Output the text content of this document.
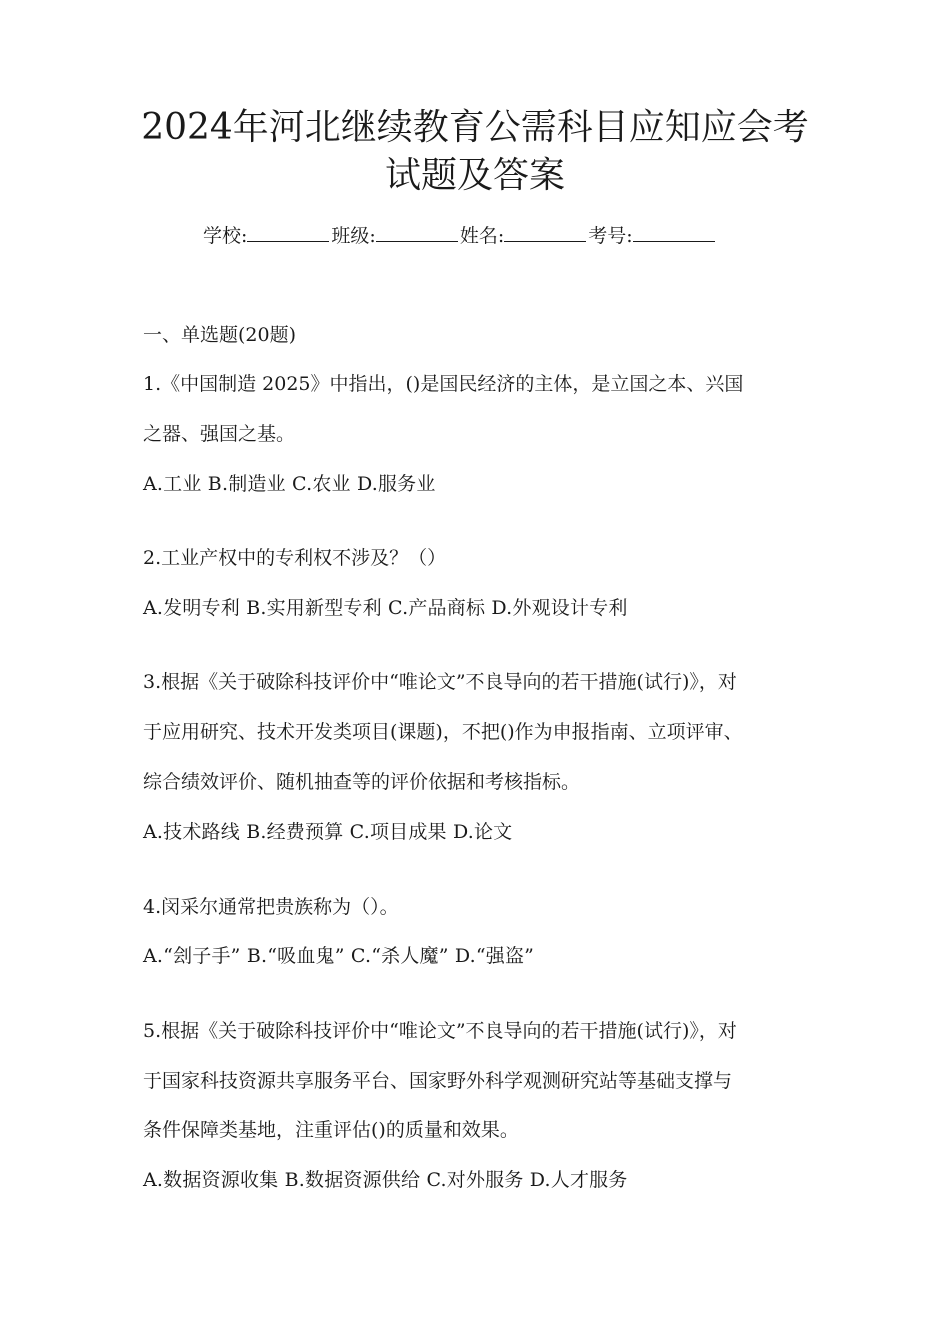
2024年河北继续教育公需科目应知应会考
试题及答案
学校:	班级:	姓名:	考号:
一、单选题(20题)
1.《中国制造 2025》中指出，()是国民经济的主体，是立国之本、兴国
之器、强国之基。
A.工业 B.制造业 C.农业 D.服务业
2.工业产权中的专利权不涉及？（）
A.发明专利 B.实用新型专利 C.产品商标 D.外观设计专利
3.根据《关于破除科技评价中“唯论文”不良导向的若干措施(试行)》，对
于应用研究、技术开发类项目(课题)，不把()作为申报指南、立项评审、
综合绩效评价、随机抽查等的评价依据和考核指标。
A.技术路线 B.经费预算 C.项目成果 D.论文
4.闵采尔通常把贵族称为（）。
A.“刽子手” B.“吸血鬼” C.“杀人魔” D.“强盗”
5.根据《关于破除科技评价中“唯论文”不良导向的若干措施(试行)》，对
于国家科技资源共享服务平台、国家野外科学观测研究站等基础支撑与
条件保障类基地，注重评估()的质量和效果。
A.数据资源收集 B.数据资源供给 C.对外服务 D.人才服务
